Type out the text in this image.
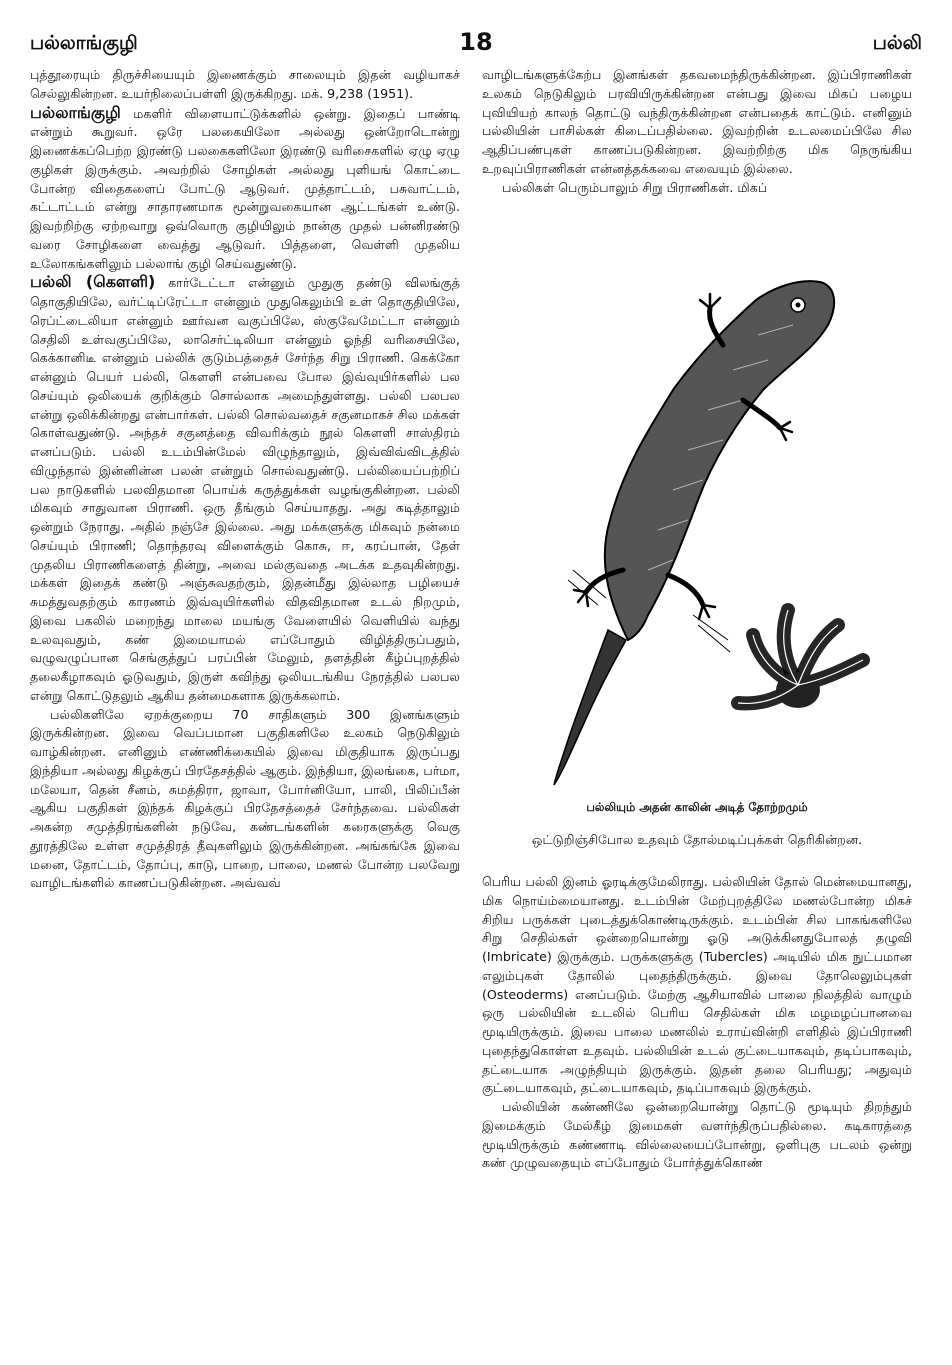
பல்லாங்குழி	18	பல்லி

புத்தூரையும் திருச்சியையும் இணைக்கும் சாலையும் இதன் வழியாகச் செல்லுகின்றன. உயர்நிலைப்பள்ளி இருக்கிறது. மக். 9,238 (1951).

பல்லாங்குழி மகளிர் விளையாட்டுக்களில் ஒன்று. இதைப் பாண்டி என்றும் கூறுவர். ஒரே பலகையிலோ அல்லது ஒன்றோடொன்று இணைக்கப்பெற்ற இரண்டு பலகைகளிலோ இரண்டு வரிசைகளில் ஏழு ஏழு குழிகள் இருக்கும். அவற்றில் சோழிகள் அல்லது புளியங் கொட்டை போன்ற விதைகளைப் போட்டு ஆடுவர். முத்தாட்டம், பசுவாட்டம், கட்டாட்டம் என்று சாதாரணமாக மூன்றுவகையான ஆட்டங்கள் உண்டு. இவற்றிற்கு ஏற்றவாறு ஒவ்வொரு குழியிலும் நான்கு முதல் பன்னிரண்டு வரை சோழிகளை வைத்து ஆடுவர். பித்தளை, வெள்ளி முதலிய உலோகங்களிலும் பல்லாங் குழி செய்வதுண்டு.

பல்லி (கௌளி) கார்டேட்டா என்னும் முதுகு தண்டு விலங்குத் தொகுதியிலே, வர்ட்டிப்ரேட்டா என்னும் முதுகெலும்பி உள் தொகுதியிலே, ரெப்ட்டைலியா என்னும் ஊர்வன வகுப்பிலே, ஸ்குவேமேட்டா என்னும் செதிலி உள்வகுப்பிலே, லாசெர்ட்டிலியா என்னும் ஓந்தி வரிசையிலே, கெக்கானிடீ என்னும் பல்லிக் குடும்பத்தைச் சேர்ந்த சிறு பிராணி. கெக்கோ என்னும் பெயர் பல்லி, கௌளி என்பவை போல இவ்வுயிர்களில் பல செய்யும் ஒலியைக் குறிக்கும் சொல்லாக அமைந்துள்ளது. பல்லி பலபல என்று ஒலிக்கின்றது என்பார்கள். பல்லி சொல்வதைச் சகுனமாகச் சில மக்கள் கொள்வதுண்டு. அந்தச் சகுனத்தை விவரிக்கும் நூல் கௌளி சாஸ்திரம் எனப்படும். பல்லி உடம்பின்மேல் விழுந்தாலும், இவ்விவ்விடத்தில் விழுந்தால் இன்னின்ன பலன் என்றும் சொல்வதுண்டு. பல்லியைப்பற்றிப் பல நாடுகளில் பலவிதமான பொய்க் கருத்துக்கள் வழங்குகின்றன. பல்லி மிகவும் சாதுவான பிராணி. ஒரு தீங்கும் செய்யாதது. அது கடித்தாலும் ஒன்றும் நேராது. அதில் நஞ்சே இல்லை. அது மக்களுக்கு மிகவும் நன்மை செய்யும் பிராணி; தொந்தரவு விளைக்கும் கொசு, ஈ, கரப்பான், தேள் முதலிய பிராணிகளைத் தின்று, அவை மல்குவதை அடக்க உதவுகின்றது. மக்கள் இதைக் கண்டு அஞ்சுவதற்கும், இதன்மீது இல்லாத பழியைச் சுமத்துவதற்கும் காரணம் இவ்வுயிர்களில் விதவிதமான உடல் நிறமும், இவை பகலில் மறைந்து மாலை மயங்கு வேளையில் வெளியில் வந்து உலவுவதும், கண் இமையாமல் எப்போதும் விழித்திருப்பதும், வழுவழுப்பான செங்குத்துப் பரப்பின் மேலும், தளத்தின் கீழ்ப்புறத்தில் தலைகீழாகவும் ஓடுவதும், இருள் கவிந்து ஒலியடங்கிய நேரத்தில் பலபல என்று கொட்டுதலும் ஆகிய தன்மைகளாக இருக்கலாம்.

பல்லிகளிலே ஏறக்குறைய 70 சாதிகளும் 300 இனங்களும் இருக்கின்றன. இவை வெப்பமான பகுதிகளிலே உலகம் நெடுகிலும் வாழ்கின்றன. எனினும் எண்ணிக்கையில் இவை மிகுதியாக இருப்பது இந்தியா அல்லது கிழக்குப் பிரதேசத்தில் ஆகும். இந்தியா, இலங்கை, பர்மா, மலேயா, தென் சீனம், சுமத்திரா, ஜாவா, போர்னியோ, பாலி, பிலிப்பீன் ஆகிய பகுதிகள் இந்தக் கிழக்குப் பிரதேசத்தைச் சேர்ந்தவை. பல்லிகள் அகன்ற சமுத்திரங்களின் நடுவே, கண்டங்களின் கரைகளுக்கு வெகு தூரத்திலே உள்ள சமுத்திரத் தீவுகளிலும் இருக்கின்றன. அங்கங்கே இவை மனை, தோட்டம், தோப்பு, காடு, பாறை, பாலை, மணல் போன்ற பலவேறு வாழிடங்களில் காணப்படுகின்றன. அவ்வவ்

வாழிடங்களுக்கேற்ப இனங்கள் தகவமைந்திருக்கின்றன. இப்பிராணிகள் உலகம் நெடுகிலும் பரவியிருக்கின்றன என்பது இவை மிகப் பழைய புவியியற் காலந் தொட்டு வந்திருக்கின்றன என்பதைக் காட்டும். எனினும் பல்லியின் பாசில்கள் கிடைப்பதில்லை. இவற்றின் உடலமைப்பிலே சில ஆதிப்பண்புகள் காணப்படுகின்றன. இவற்றிற்கு மிக நெருங்கிய உறவுப்பிராணிகள் என்னத்தக்கவை எவையும் இல்லை.

பல்லிகள் பெரும்பாலும் சிறு பிராணிகள். மிகப்

பல்லியும் அதன் காலின் அடித் தோற்றமும்
ஒட்டுறிஞ்சிபோல உதவும் தோல்மடிப்புக்கள் தெரிகின்றன.

பெரிய பல்லி இனம் ஓரடிக்குமேலிராது. பல்லியின் தோல் மென்மையானது, மிக நொய்ம்மையானது. உடம்பின் மேற்புறத்திலே மணல்போன்ற மிகச் சிறிய பருக்கள் புடைத்துக்கொண்டிருக்கும். உடம்பின் சில பாகங்களிலே சிறு செதில்கள் ஒன்றையொன்று ஓடு அடுக்கினதுபோலத் தழுவி (Imbricate) இருக்கும். பருக்களுக்கு (Tubercles) அடியில் மிக நுட்பமான எலும்புகள் தோலில் புதைந்திருக்கும். இவை தோலெலும்புகள் (Osteoderms) எனப்படும். மேற்கு ஆசியாவில் பாலை நிலத்தில் வாழும் ஒரு பல்லியின் உடலில் பெரிய செதில்கள் மிக மழமழப்பானவை மூடியிருக்கும். இவை பாலை மணலில் உராய்வின்றி எளிதில் இப்பிராணி புதைந்துகொள்ள உதவும். பல்லியின் உடல் குட்டையாகவும், தடிப்பாகவும், தட்டையாக அழுந்தியும் இருக்கும். இதன் தலை பெரியது; அதுவும் குட்டையாகவும், தட்டையாகவும், தடிப்பாகவும் இருக்கும்.

பல்லியின் கண்ணிலே ஒன்றையொன்று தொட்டு மூடியும் திறந்தும் இமைக்கும் மேல்கீழ் இமைகள் வளர்ந்திருப்பதில்லை. கடிகாரத்தை மூடியிருக்கும் கண்ணாடி வில்லையைப்போன்று, ஒளிபுகு படலம் ஒன்று கண் முழுவதையும் எப்போதும் போர்த்துக்கொண்
